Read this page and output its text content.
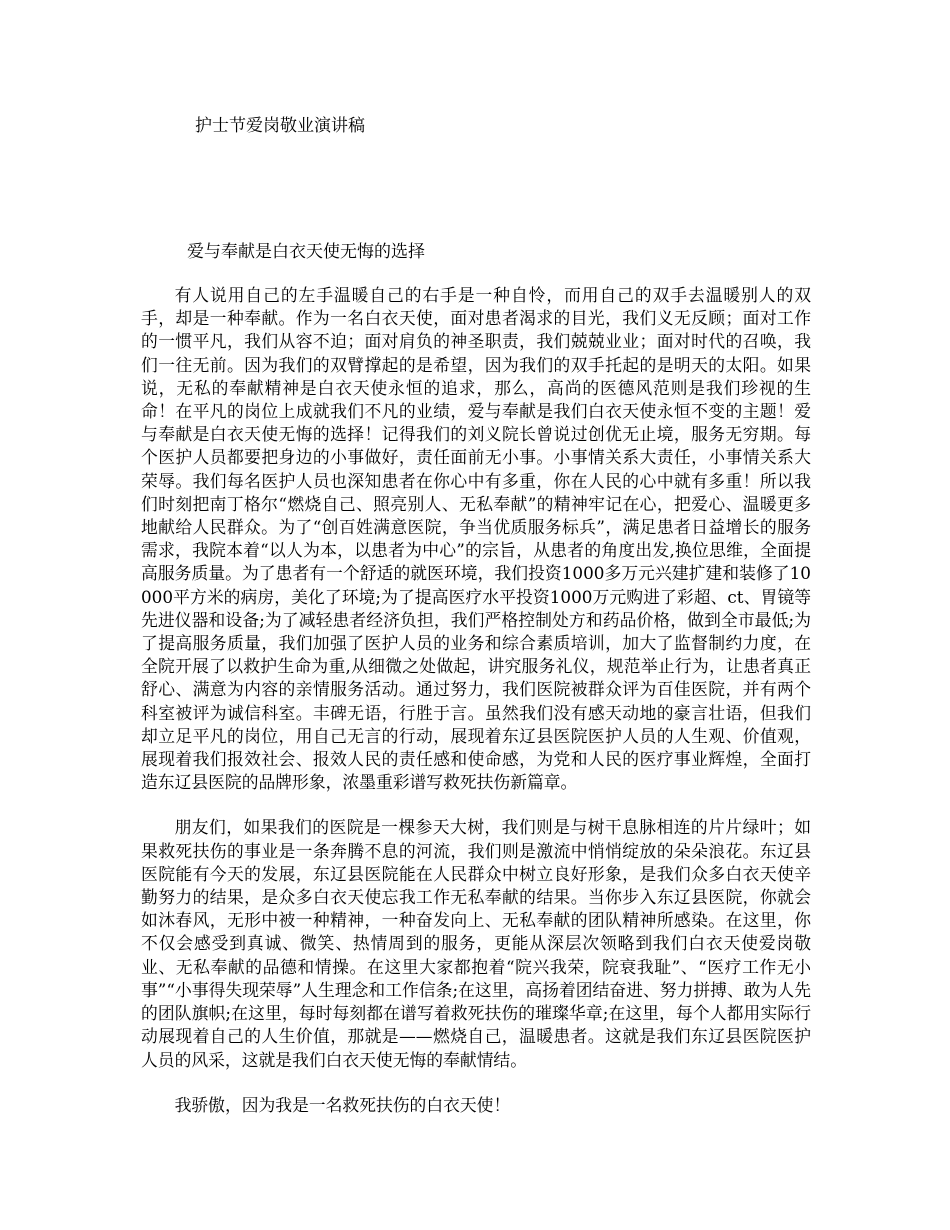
护士节爱岗敬业演讲稿
爱与奉献是白衣天使无悔的选择

有人说用自己的左手温暖自己的右手是一种自怜，而用自己的双手去温暖别人的双手，却是一种奉献。作为一名白衣天使，面对患者渴求的目光，我们义无反顾；面对工作的一惯平凡，我们从容不迫；面对肩负的神圣职责，我们兢兢业业；面对时代的召唤，我们一往无前。因为我们的双臂撑起的是希望，因为我们的双手托起的是明天的太阳。如果说，无私的奉献精神是白衣天使永恒的追求，那么，高尚的医德风范则是我们珍视的生命！在平凡的岗位上成就我们不凡的业绩，爱与奉献是我们白衣天使永恒不变的主题！爱与奉献是白衣天使无悔的选择！记得我们的刘义院长曾说过创优无止境，服务无穷期。每个医护人员都要把身边的小事做好，责任面前无小事。小事情关系大责任，小事情关系大荣辱。我们每名医护人员也深知患者在你心中有多重，你在人民的心中就有多重！所以我们时刻把南丁格尔“燃烧自己、照亮别人、无私奉献”的精神牢记在心，把爱心、温暖更多地献给人民群众。为了“创百姓满意医院，争当优质服务标兵”，满足患者日益增长的服务需求，我院本着“以人为本，以患者为中心”的宗旨，从患者的角度出发,换位思维，全面提高服务质量。为了患者有一个舒适的就医环境，我们投资1000多万元兴建扩建和装修了10000平方米的病房，美化了环境;为了提高医疗水平投资1000万元购进了彩超、ct、胃镜等先进仪器和设备;为了减轻患者经济负担，我们严格控制处方和药品价格，做到全市最低;为了提高服务质量，我们加强了医护人员的业务和综合素质培训，加大了监督制约力度，在全院开展了以救护生命为重,从细微之处做起，讲究服务礼仪，规范举止行为，让患者真正舒心、满意为内容的亲情服务活动。通过努力，我们医院被群众评为百佳医院，并有两个科室被评为诚信科室。丰碑无语，行胜于言。虽然我们没有感天动地的豪言壮语，但我们却立足平凡的岗位，用自己无言的行动，展现着东辽县医院医护人员的人生观、价值观，展现着我们报效社会、报效人民的责任感和使命感，为党和人民的医疗事业辉煌，全面打造东辽县医院的品牌形象，浓墨重彩谱写救死扶伤新篇章。

朋友们，如果我们的医院是一棵参天大树，我们则是与树干息脉相连的片片绿叶；如果救死扶伤的事业是一条奔腾不息的河流，我们则是激流中悄悄绽放的朵朵浪花。东辽县医院能有今天的发展，东辽县医院能在人民群众中树立良好形象，是我们众多白衣天使辛勤努力的结果，是众多白衣天使忘我工作无私奉献的结果。当你步入东辽县医院，你就会如沐春风，无形中被一种精神，一种奋发向上、无私奉献的团队精神所感染。在这里，你不仅会感受到真诚、微笑、热情周到的服务，更能从深层次领略到我们白衣天使爱岗敬业、无私奉献的品德和情操。在这里大家都抱着“院兴我荣，院衰我耻”、“医疗工作无小事”“小事得失现荣辱”人生理念和工作信条;在这里，高扬着团结奋进、努力拼搏、敢为人先的团队旗帜;在这里，每时每刻都在谱写着救死扶伤的璀璨华章;在这里，每个人都用实际行动展现着自己的人生价值，那就是——燃烧自己，温暖患者。这就是我们东辽县医院医护人员的风采，这就是我们白衣天使无悔的奉献情结。

我骄傲，因为我是一名救死扶伤的白衣天使！
